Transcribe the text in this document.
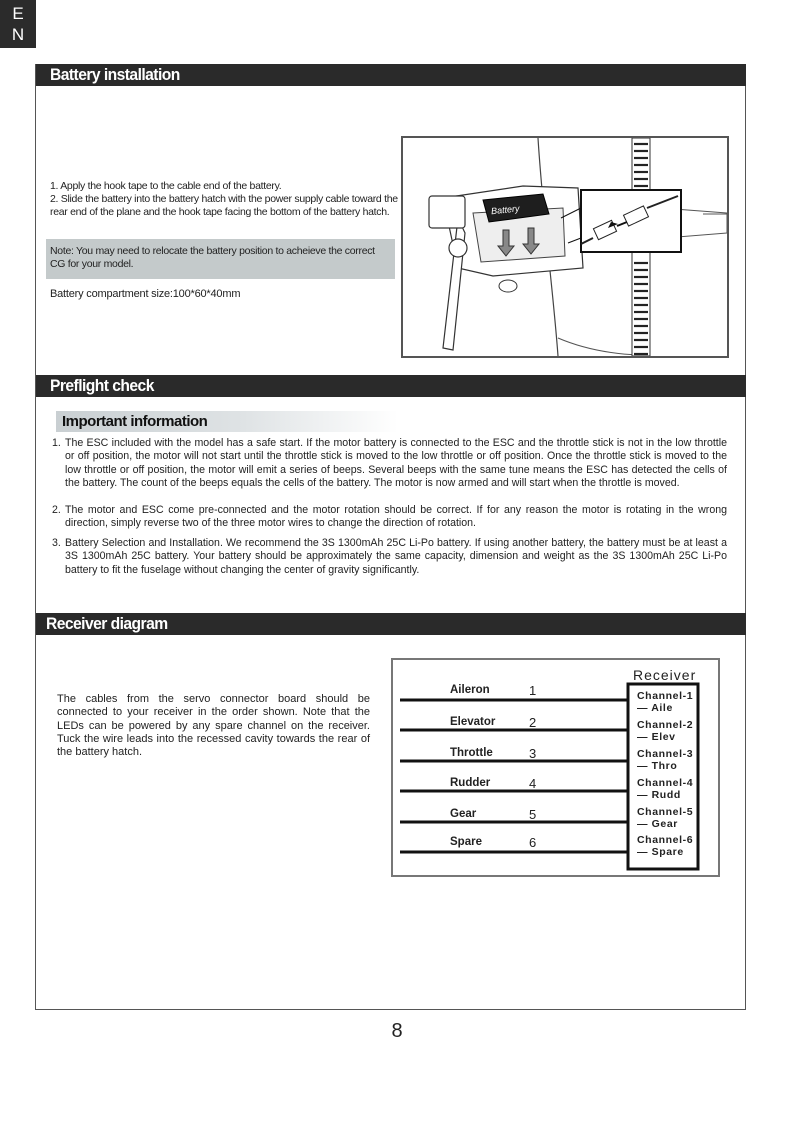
E
N
Battery installation

1. Apply the hook tape to the cable end of the battery.

2. Slide the battery into the battery hatch with the power supply cable toward the rear end of the plane and the hook tape facing the bottom of the battery hatch.

Note: You may need to relocate the battery position to acheieve the correct CG for your model.

Battery compartment size:100*60*40mm

Battery
Preflight check
Important information
1. The ESC included with the model has a safe start. If the motor battery is connected to the ESC and the throttle stick is not in the low throttle or off position, the motor will not start until the throttle stick is moved to the low throttle or off position. Once the throttle stick is moved to the low throttle or off position, the motor will emit a series of beeps. Several beeps with the same tune means the ESC has detected the cells of the battery. The count of the beeps equals the cells of the battery. The motor is now armed and will start when the throttle is moved.
2. The motor and ESC come pre-connected and the motor rotation should be correct. If for any reason the motor is rotating in the wrong direction, simply reverse two of the three motor wires to change the direction of rotation.
3. Battery Selection and Installation. We recommend the 3S 1300mAh 25C Li-Po battery. If using another battery, the battery must be at least a 3S 1300mAh 25C battery. Your battery should be approximately the same capacity, dimension and weight as the 3S 1300mAh 25C Li-Po battery to fit the fuselage without changing the center of gravity significantly.
Receiver diagram

The cables from the servo connector board should be connected to your receiver in the order shown. Note that the LEDs can be powered by any spare channel on the receiver. Tuck the wire leads into the recessed cavity towards the rear of the battery hatch.

Receiver
Aileron	1	Channel-1
— Aile
Elevator	2	Channel-2
— Elev
Throttle	3	Channel-3
— Thro
Rudder	4	Channel-4
— Rudd
Gear	5	Channel-5
— Gear
Spare	6	Channel-6
— Spare
8
